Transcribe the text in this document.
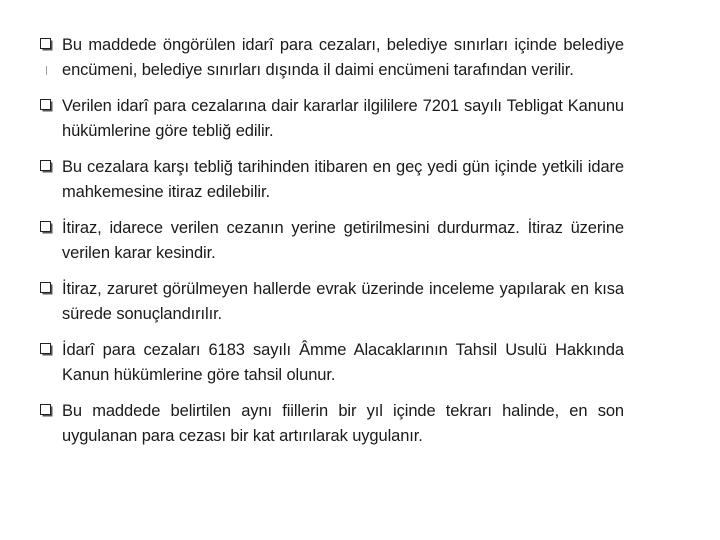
Bu maddede öngörülen idarî para cezaları, belediye sınırları içinde belediye encümeni, belediye sınırları dışında il daimi encümeni tarafından verilir.
Verilen idarî para cezalarına dair kararlar ilgililere 7201 sayılı Tebligat Kanunu hükümlerine göre tebliğ edilir.
Bu cezalara karşı tebliğ tarihinden itibaren en geç yedi gün içinde yetkili idare mahkemesine itiraz edilebilir.
İtiraz, idarece verilen cezanın yerine getirilmesini durdurmaz. İtiraz üzerine verilen karar kesindir.
İtiraz, zaruret görülmeyen hallerde evrak üzerinde inceleme yapılarak en kısa sürede sonuçlandırılır.
İdarî para cezaları 6183 sayılı Âmme Alacaklarının Tahsil Usulü Hakkında Kanun hükümlerine göre tahsil olunur.
Bu maddede belirtilen aynı fiillerin bir yıl içinde tekrarı halinde, en son uygulanan para cezası bir kat artırılarak uygulanır.
